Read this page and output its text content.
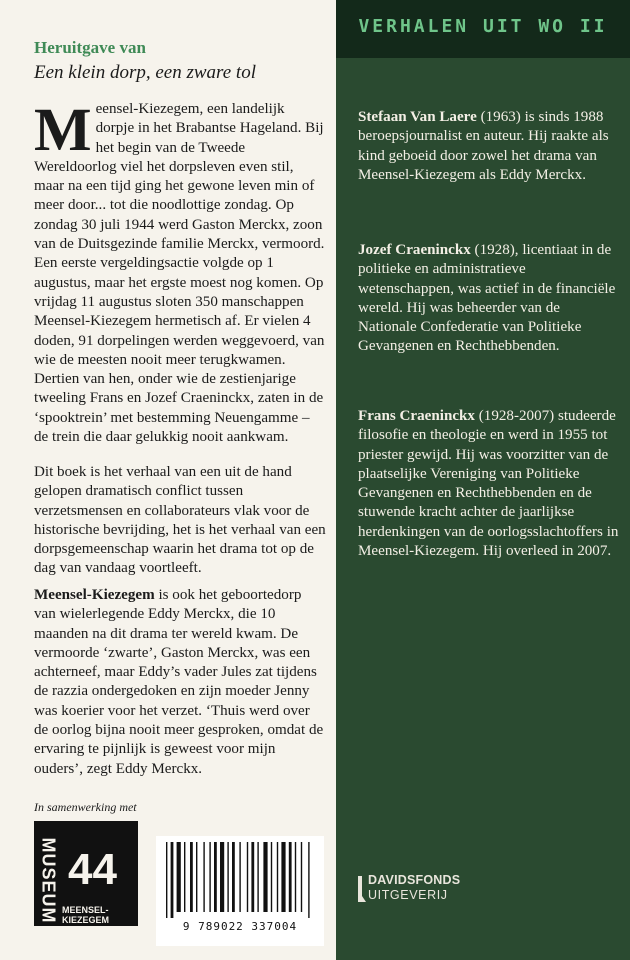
VERHALEN UIT WO II
Heruitgave van
Een klein dorp, een zware tol
Meensel-Kiezegem, een landelijk dorpje in het Brabantse Hageland. Bij het begin van de Tweede Wereldoorlog viel het dorpsleven even stil, maar na een tijd ging het gewone leven min of meer door... tot die noodlottige zondag. Op zondag 30 juli 1944 werd Gaston Merckx, zoon van de Duitsgezinde familie Merckx, vermoord. Een eerste vergeldingsactie volgde op 1 augustus, maar het ergste moest nog komen. Op vrijdag 11 augustus sloten 350 manschappen Meensel-Kiezegem hermetisch af. Er vielen 4 doden, 91 dorpelingen werden weggevoerd, van wie de meesten nooit meer terugkwamen. Dertien van hen, onder wie de zestienjarige tweeling Frans en Jozef Craeninckx, zaten in de ‘spooktrein’ met bestemming Neuengamme – de trein die daar gelukkig nooit aankwam.
Dit boek is het verhaal van een uit de hand gelopen dramatisch conflict tussen verzetsmensen en collaborateurs vlak voor de historische bevrijding, het is het verhaal van een dorpsgemeenschap waarin het drama tot op de dag van vandaag voortleeft.
Meensel-Kiezegem is ook het geboortedorp van wielerlegende Eddy Merckx, die 10 maanden na dit drama ter wereld kwam. De vermoorde ‘zwarte’, Gaston Merckx, was een achterneef, maar Eddy’s vader Jules zat tijdens de razzia ondergedoken en zijn moeder Jenny was koerier voor het verzet. ‘Thuis werd over de oorlog bijna nooit meer gesproken, omdat de ervaring te pijnlijk is geweest voor mijn ouders’, zegt Eddy Merckx.
In samenwerking met
MUSEUM 44
MEENSEL-KIEZEGEM	9 789022 337004
Stefaan Van Laere (1963) is sinds 1988 beroepsjournalist en auteur. Hij raakte als kind geboeid door zowel het drama van Meensel-Kiezegem als Eddy Merckx.
Jozef Craeninckx (1928), licentiaat in de politieke en administratieve wetenschappen, was actief in de financiële wereld. Hij was beheerder van de Nationale Confederatie van Politieke Gevangenen en Rechthebbenden.
Frans Craeninckx (1928-2007) studeerde filosofie en theologie en werd in 1955 tot priester gewijd. Hij was voorzitter van de plaatselijke Vereniging van Politieke Gevangenen en Rechthebbenden en de stuwende kracht achter de jaarlijkse herdenkingen van de oorlogsslachtoffers in Meensel-Kiezegem. Hij overleed in 2007.
DAVIDSFONDS
UITGEVERIJ
